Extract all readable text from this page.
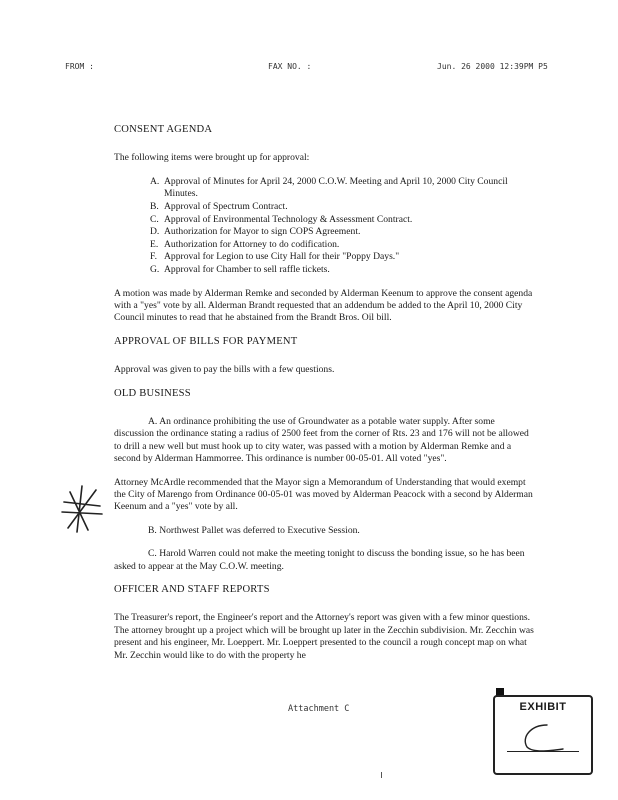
FROM :	FAX NO. :	Jun. 26 2000 12:39PM P5

CONSENT AGENDA

The following items were brought up for approval:

A. Approval of Minutes for April 24, 2000 C.O.W. Meeting and April 10, 2000 City Council Minutes.
B. Approval of Spectrum Contract.
C. Approval of Environmental Technology & Assessment Contract.
D. Authorization for Mayor to sign COPS Agreement.
E. Authorization for Attorney to do codification.
F. Approval for Legion to use City Hall for their "Poppy Days."
G. Approval for Chamber to sell raffle tickets.

A motion was made by Alderman Remke and seconded by Alderman Keenum to approve the consent agenda with a "yes" vote by all. Alderman Brandt requested that an addendum be added to the April 10, 2000 City Council minutes to read that he abstained from the Brandt Bros. Oil bill.

APPROVAL OF BILLS FOR PAYMENT

Approval was given to pay the bills with a few questions.

OLD BUSINESS

A. An ordinance prohibiting the use of Groundwater as a potable water supply. After some discussion the ordinance stating a radius of 2500 feet from the corner of Rts. 23 and 176 will not be allowed to drill a new well but must hook up to city water, was passed with a motion by Alderman Remke and a second by Alderman Hammorree. This ordinance is number 00-05-01. All voted "yes".

Attorney McArdle recommended that the Mayor sign a Memorandum of Understanding that would exempt the City of Marengo from Ordinance 00-05-01 was moved by Alderman Peacock with a second by Alderman Keenum and a "yes" vote by all.

B. Northwest Pallet was deferred to Executive Session.

C. Harold Warren could not make the meeting tonight to discuss the bonding issue, so he has been asked to appear at the May C.O.W. meeting.

OFFICER AND STAFF REPORTS

The Treasurer's report, the Engineer's report and the Attorney's report was given with a few minor questions. The attorney brought up a project which will be brought up later in the Zecchin subdivision. Mr. Zecchin was present and his engineer, Mr. Loeppert. Mr. Loeppert presented to the council a rough concept map on what Mr. Zecchin would like to do with the property he

Attachment C	EXHIBIT
